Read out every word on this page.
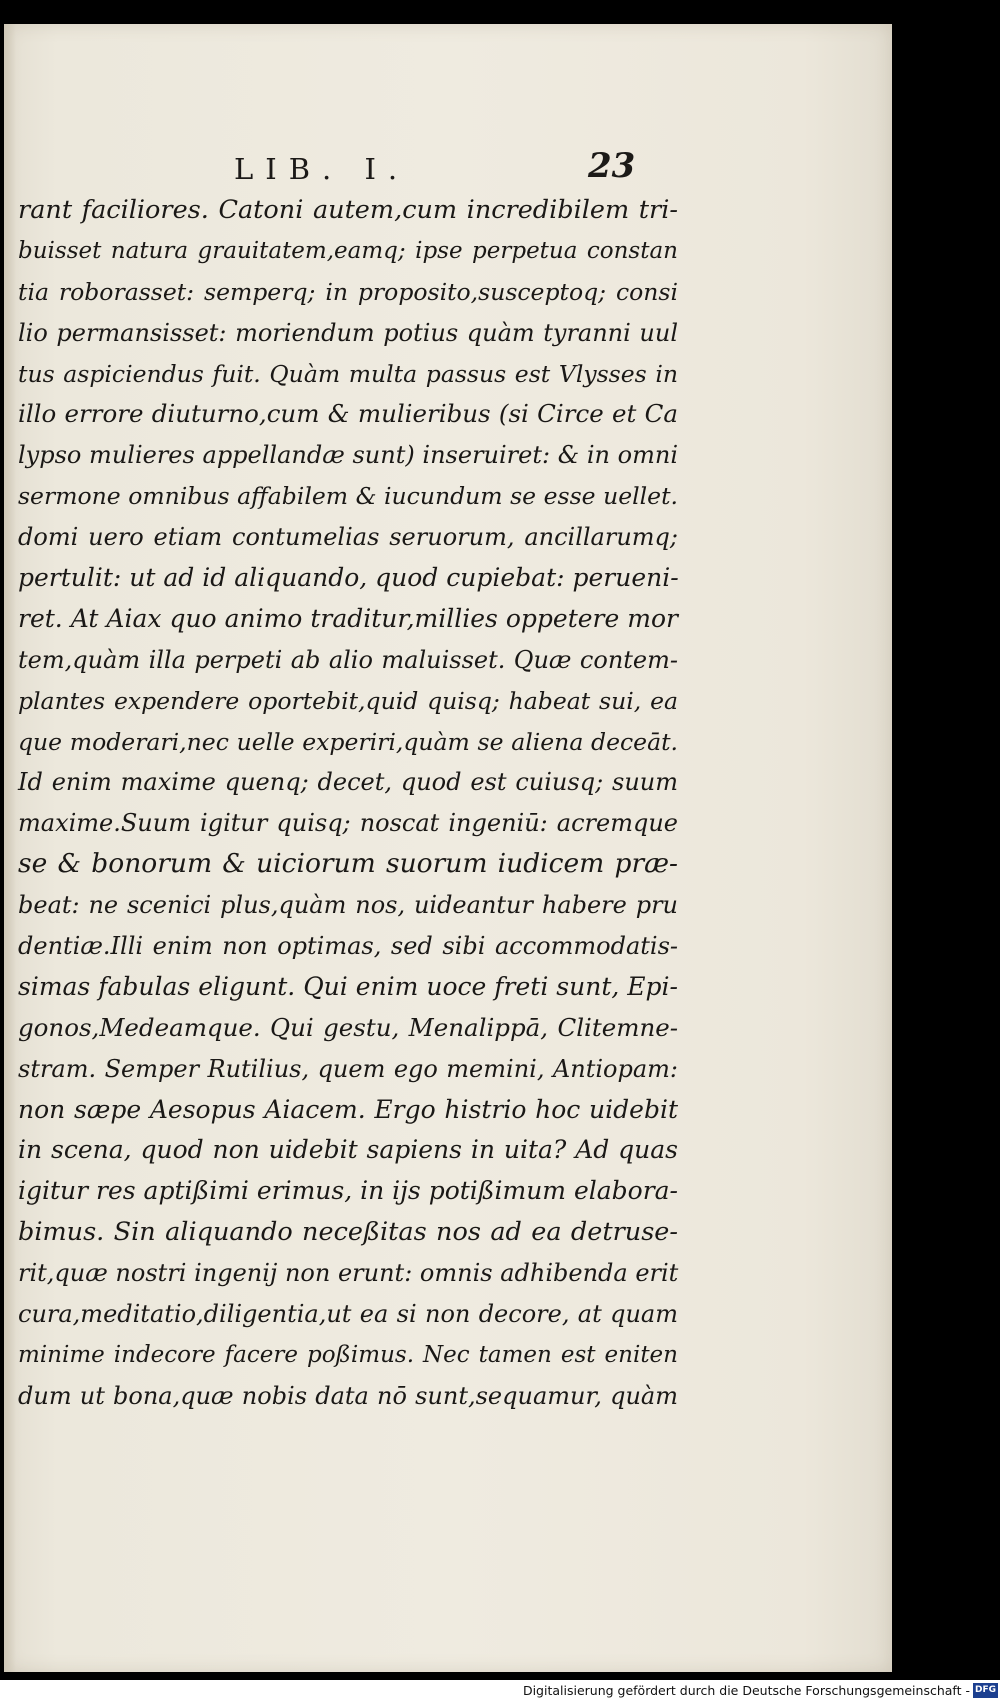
LIB. I.	23
rant faciliores. Catoni autem,cum incredibilem tri-
buisset natura grauitatem,eamq; ipse perpetua constan
tia roborasset: semperq; in proposito,susceptoq; consi
lio permansisset: moriendum potius quàm tyranni uul
tus aspiciendus fuit. Quàm multa passus est Vlysses in
illo errore diuturno,cum & mulieribus (si Circe et Ca
lypso mulieres appellandæ sunt) inseruiret: & in omni
sermone omnibus affabilem & iucundum se esse uellet.
domi uero etiam contumelias seruorum, ancillarumq;
pertulit: ut ad id aliquando, quod cupiebat: perueni-
ret. At Aiax quo animo traditur,millies oppetere mor
tem,quàm illa perpeti ab alio maluisset. Quæ contem-
plantes expendere oportebit,quid quisq; habeat sui, ea
que moderari,nec uelle experiri,quàm se aliena deceāt.
Id enim maxime quenq; decet, quod est cuiusq; suum
maxime.Suum igitur quisq; noscat ingeniū: acremque
se & bonorum & uiciorum suorum iudicem præ-
beat: ne scenici plus,quàm nos, uideantur habere pru
dentiæ.Illi enim non optimas, sed sibi accommodatis-
simas fabulas eligunt. Qui enim uoce freti sunt, Epi-
gonos,Medeamque. Qui gestu, Menalippā, Clitemne-
stram. Semper Rutilius, quem ego memini, Antiopam:
non sæpe Aesopus Aiacem. Ergo histrio hoc uidebit
in scena, quod non uidebit sapiens in uita? Ad quas
igitur res aptißimi erimus, in ijs potißimum elabora-
bimus. Sin aliquando neceßitas nos ad ea detruse-
rit,quæ nostri ingenij non erunt: omnis adhibenda erit
cura,meditatio,diligentia,ut ea si non decore, at quam
minime indecore facere poßimus. Nec tamen est eniten
dum ut bona,quæ nobis data nō sunt,sequamur, quàm
Digitalisierung gefördert durch die Deutsche Forschungsgemeinschaft - DFG
